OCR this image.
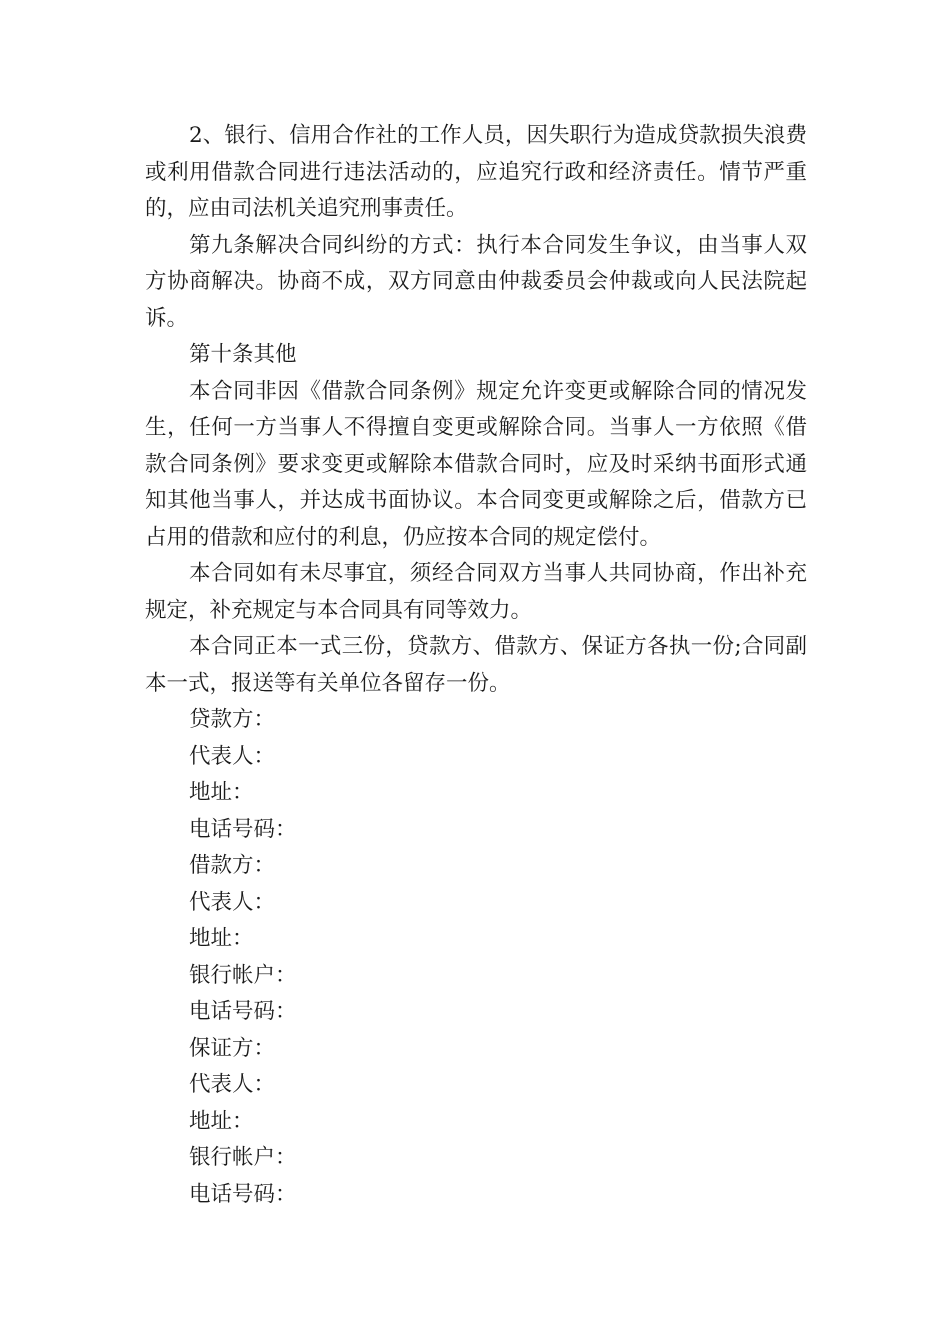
2、银行、信用合作社的工作人员，因失职行为造成贷款损失浪费或利用借款合同进行违法活动的，应追究行政和经济责任。情节严重的，应由司法机关追究刑事责任。

第九条解决合同纠纷的方式：执行本合同发生争议，由当事人双方协商解决。协商不成，双方同意由仲裁委员会仲裁或向人民法院起诉。

第十条其他

本合同非因《借款合同条例》规定允许变更或解除合同的情况发生，任何一方当事人不得擅自变更或解除合同。当事人一方依照《借款合同条例》要求变更或解除本借款合同时，应及时采纳书面形式通知其他当事人，并达成书面协议。本合同变更或解除之后，借款方已占用的借款和应付的利息，仍应按本合同的规定偿付。

本合同如有未尽事宜，须经合同双方当事人共同协商，作出补充规定，补充规定与本合同具有同等效力。

本合同正本一式三份，贷款方、借款方、保证方各执一份;合同副本一式，报送等有关单位各留存一份。

贷款方：

代表人：

地址：

电话号码：

借款方：

代表人：

地址：

银行帐户：

电话号码：

保证方：

代表人：

地址：

银行帐户：

电话号码：
